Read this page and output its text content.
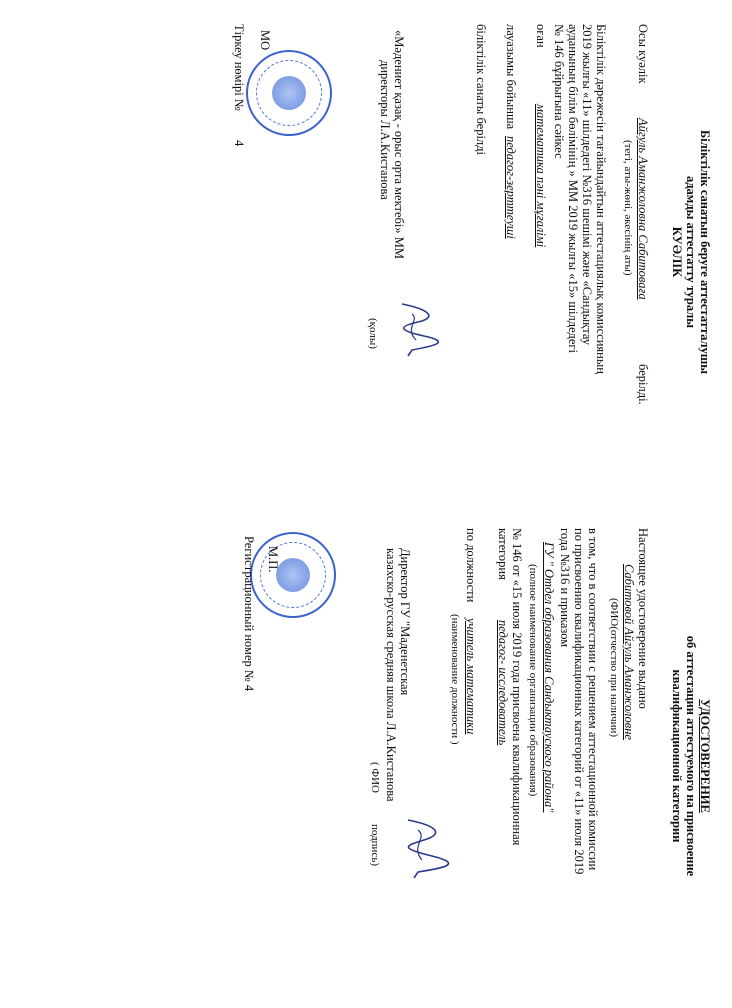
Біліктілік санатын беруге аттестатталушы
адамды аттестатту туралы
КУӘЛІК
Осы куәлік
Айгуль Аманжоловна Сабитоваға
берілді.
(тегі, аты-жөні, әкесінің аты)
Біліктілік дәрежесін тағайындайтын аттестациялық комиссияның
2019 жылғы «11» шілдедегі №316 шешімі және «Сандықтау
ауданының білім бөлімінің » ММ 2019 жылғы «15» шілдедегі
№ 146 бұйрығына сәйкес
оған
математика пәні мұғалімі
лауазымы бойынша
педагог-зерттеуші
біліктілік санаты берілді
«Мәдениет қазақ - орыс орта мектебі» ММ
директоры Л.А.Кистанова
(қолы)
МО
Тіркеу нөмірі №
4
УДОСТОВЕРЕНИЕ
об аттестации аттестуемого на присвоение
квалификационной категории
Настоящее удостоверение выдано
Сабитовой Айгуль Аманжоловне
(ФИО(отчество при наличии)
в том, что в соответствии с решением аттестационной комиссии
по присвоению квалификационных категорий от «11» июля 2019
года №316 и приказом
ГУ " Отдел образования Сандыктауского района"
(полное наименование организации образования)
№ 146 от «15 июля 2019 года присвоена квалификационная
категория
педагог- исследователь
по должности
учитель математики
(наименование должности )
Директор ГУ "Маденетская
казахско-русская средняя школа Л.А.Кистанова
( ФИО
подпись)
М.П.
Регистрационный номер № 4
